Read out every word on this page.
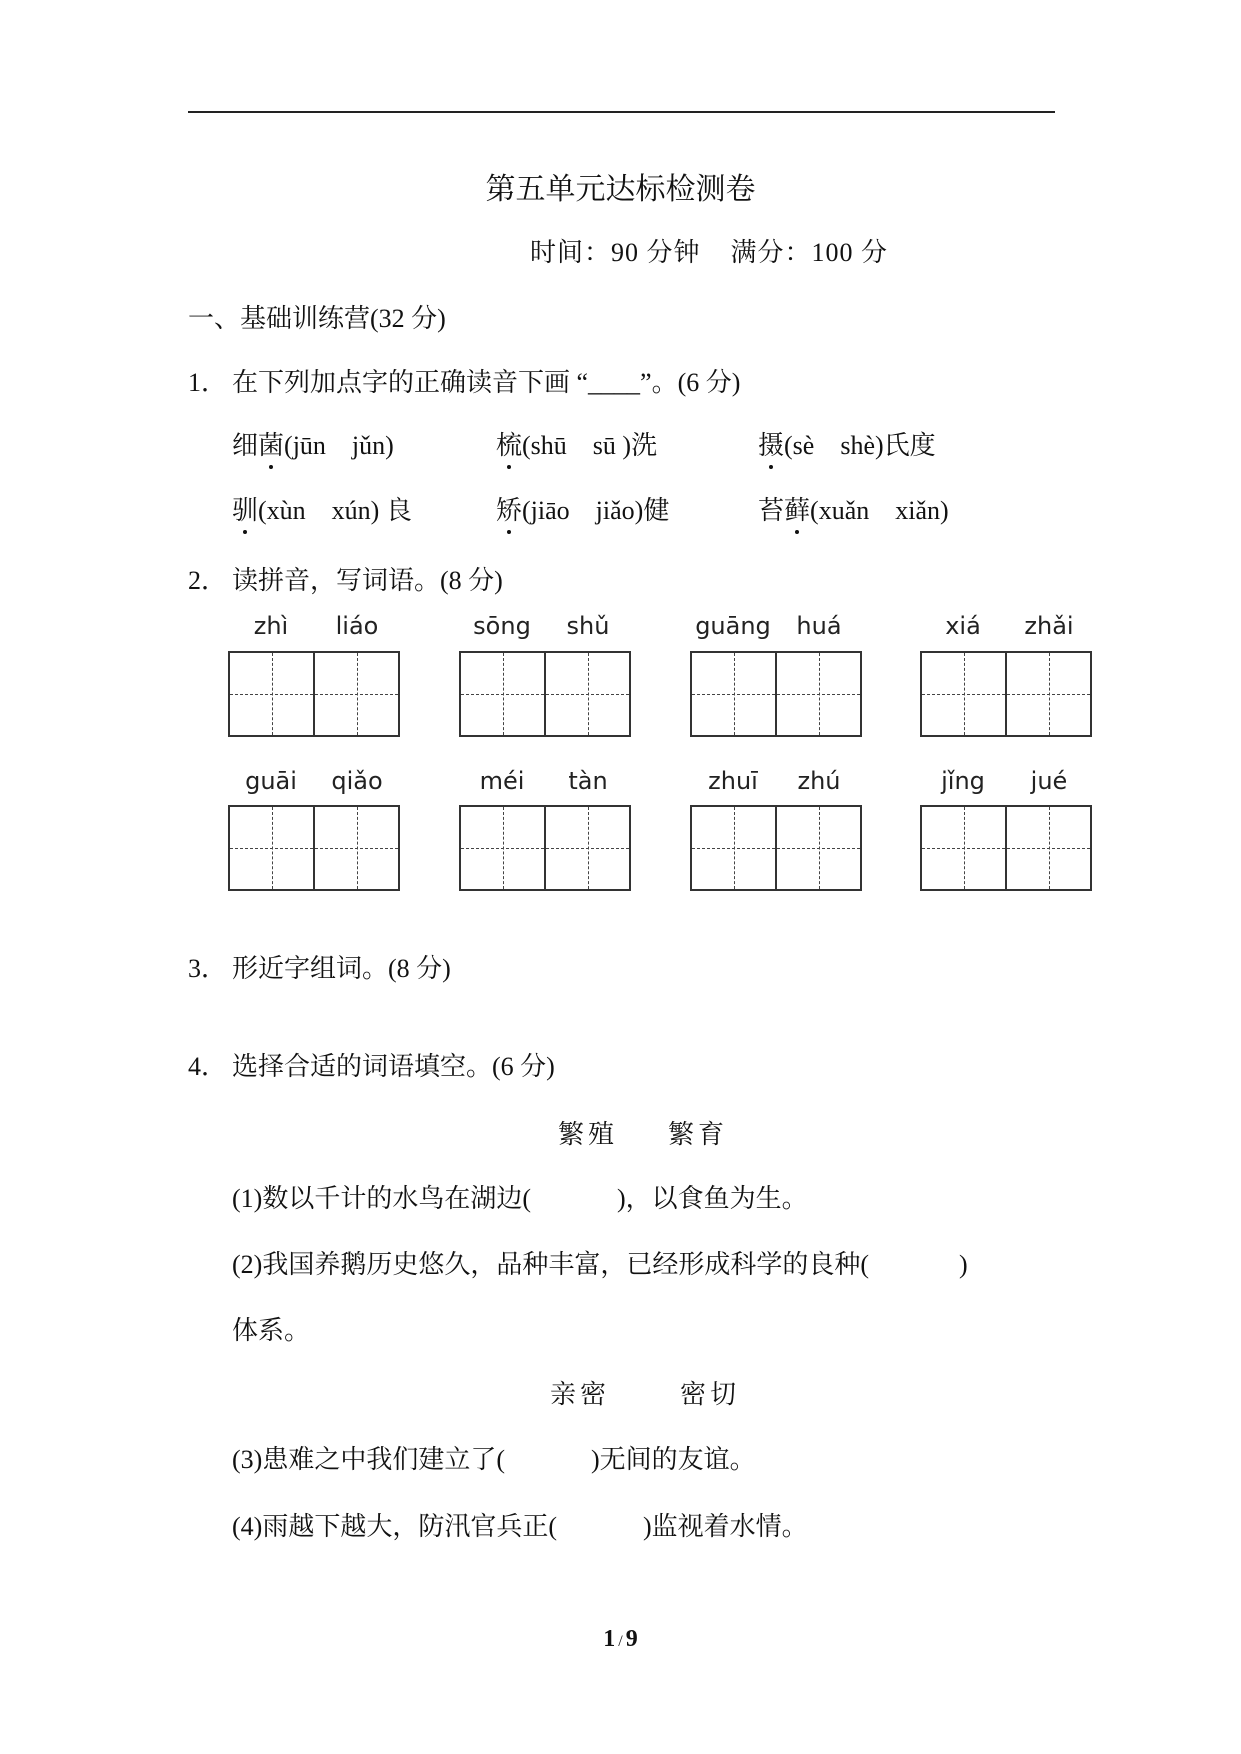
第五单元达标检测卷
时间：90 分钟 满分：100 分
一、基础训练营(32 分)
1． 在下列加点字的正确读音下画 “____”。(6 分)
细菌(jūn　jǔn)	梳(shū　sū )洗	摄(sè　shè)氏度
驯(xùn　xún) 良	矫(jiāo　jiǎo)健	苔藓(xuǎn　xiǎn)
2． 读拼音，写词语。(8 分)
zhì	liáo	sōng	shǔ	guāng	huá	xiá	zhǎi
guāi	qiǎo	méi	tàn	zhuī	zhú	jǐng	jué
3． 形近字组词。(8 分)
4． 选择合适的词语填空。(6 分)
繁殖 繁育
(1)数以千计的水鸟在湖边(	)，以食鱼为生。
(2)我国养鹅历史悠久，品种丰富，已经形成科学的良种(	)
体系。
亲密	密切
(3)患难之中我们建立了(	)无间的友谊。
(4)雨越下越大，防汛官兵正(	)监视着水情。
1 / 9
